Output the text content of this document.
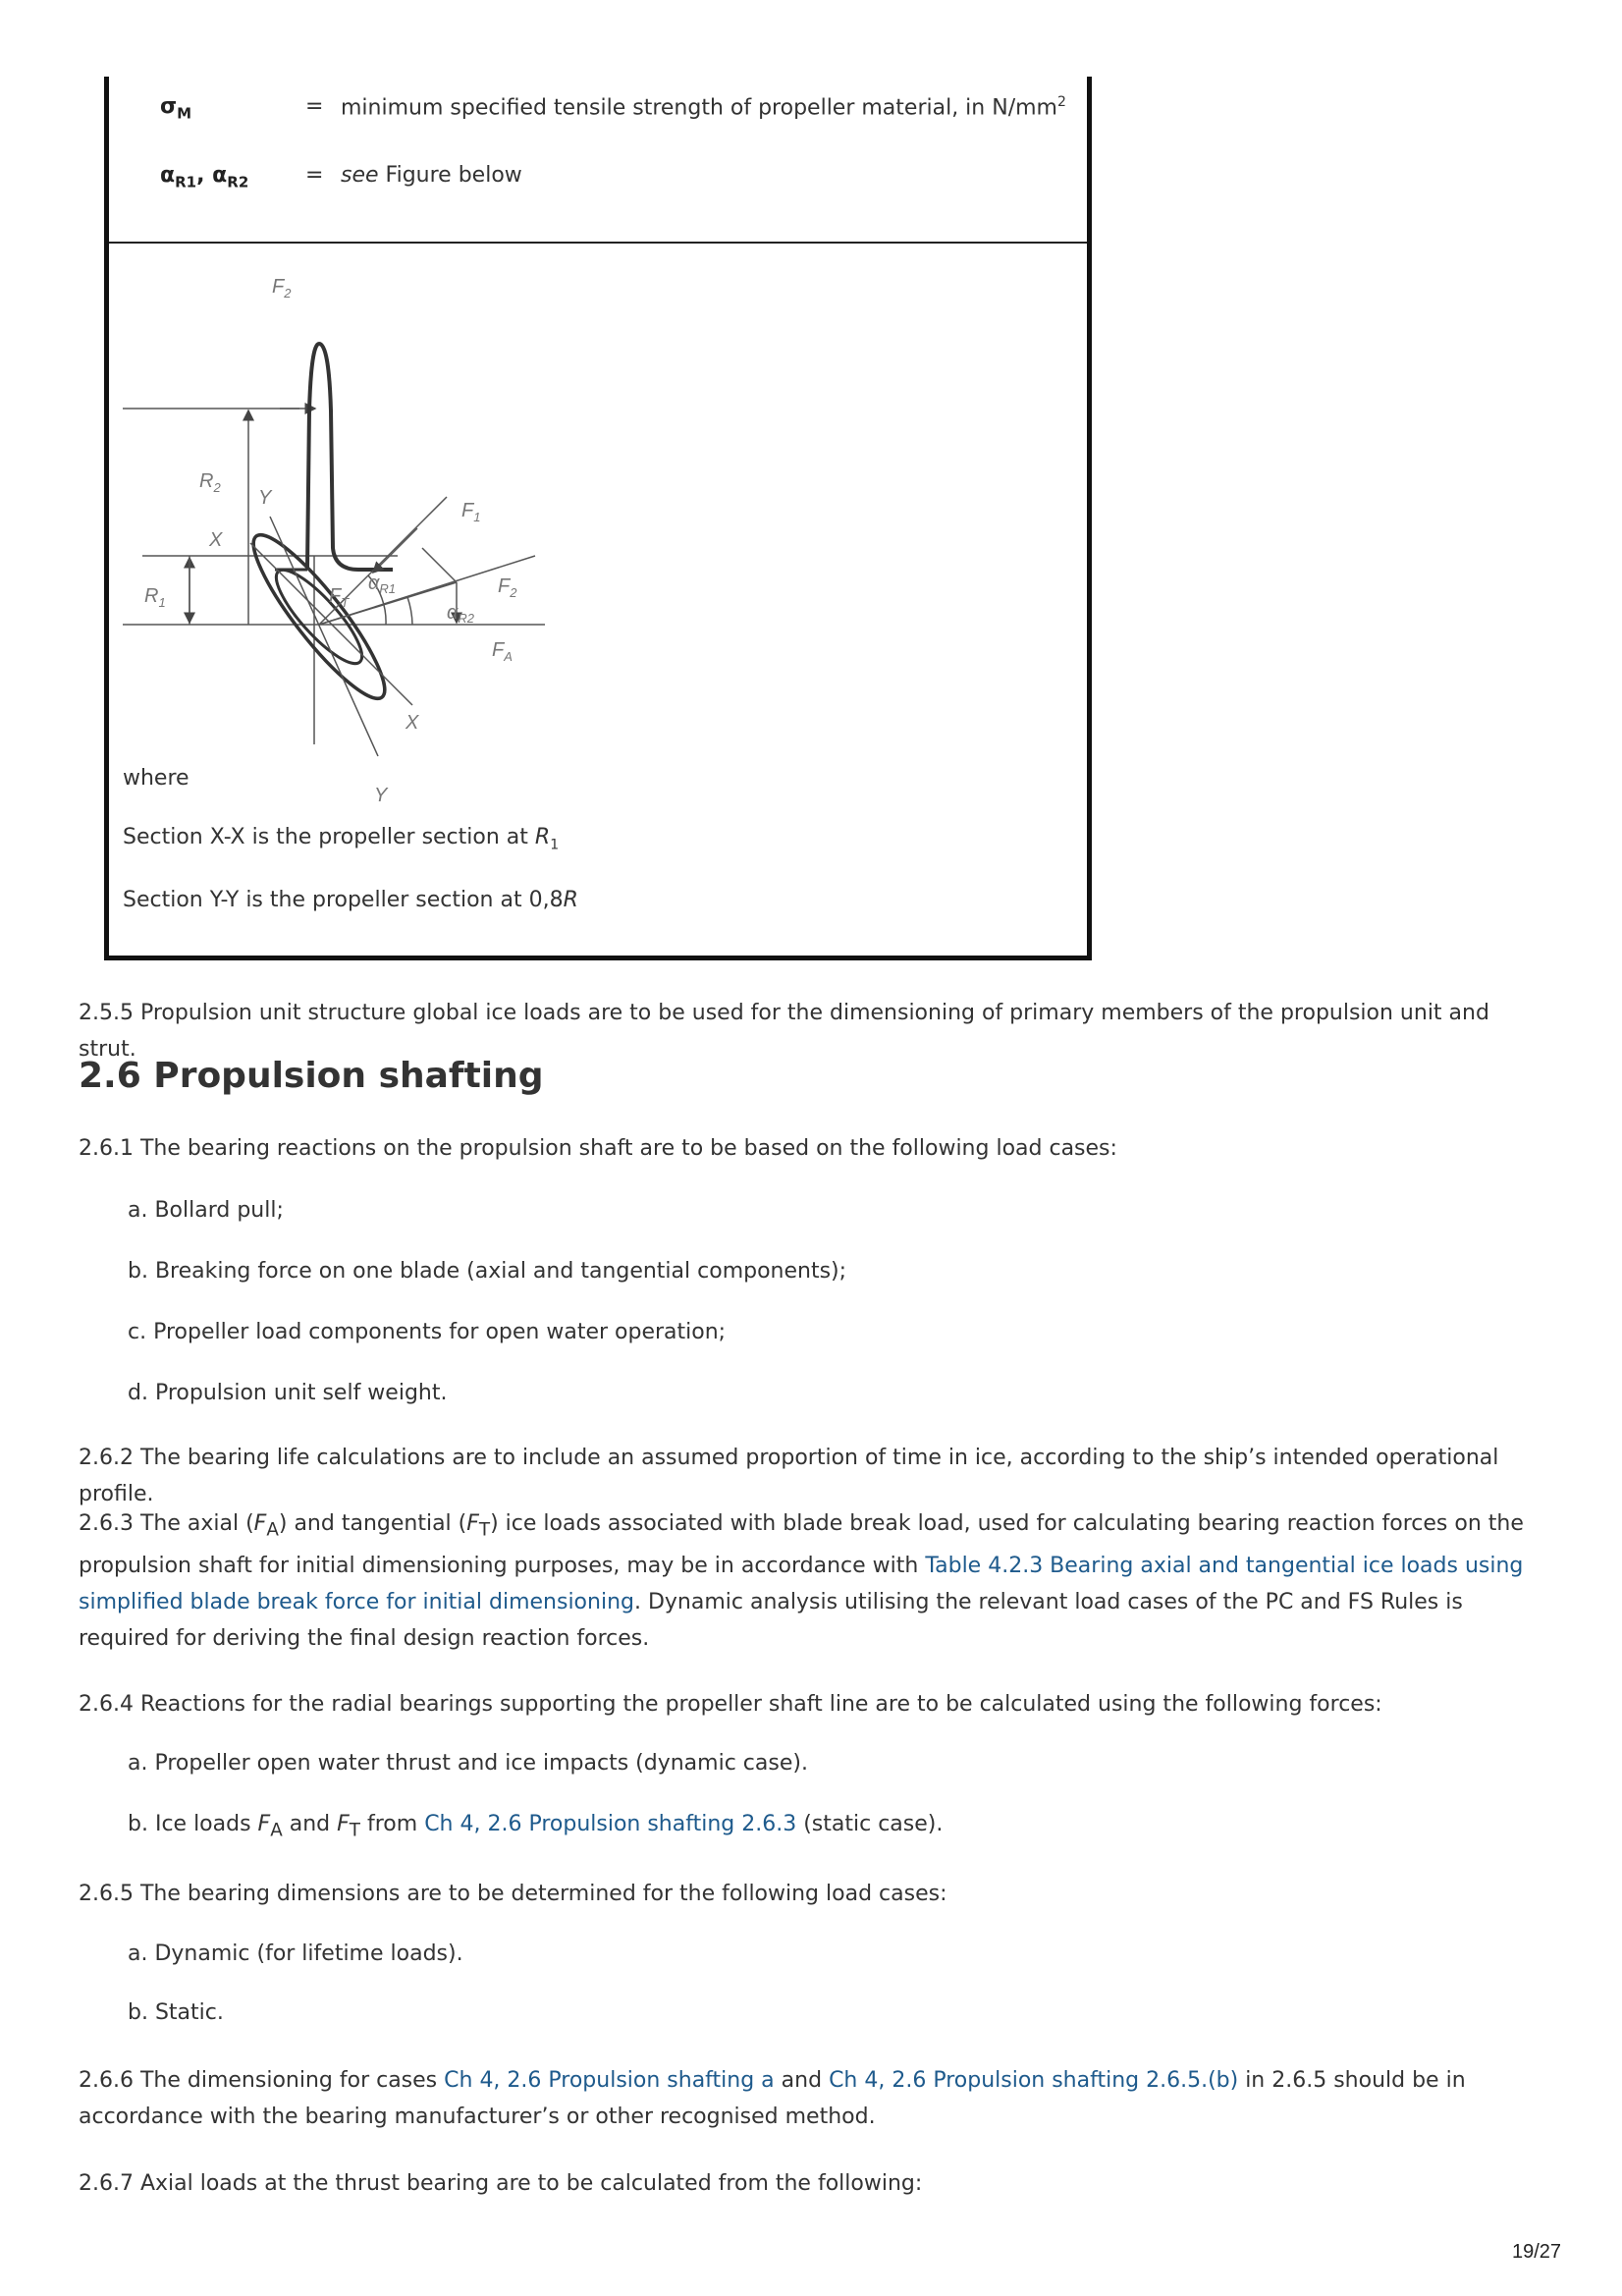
$\sigma_M$	= minimum specified tensile strength of propeller material, in $N/mm^2$
$\alpha_{R1}$, $\alpha_{R2}$	= see Figure below
$F_2$
$R_2$
$R_1$
Y
X
$F_T$
$\alpha_{R1}$
$F_1$
$F_2$
$\alpha_{R2}$
$F_A$
X
Y
where
Section X-X is the propeller section at $R_1$
Section Y-Y is the propeller section at 0,8R

2.5.5 Propulsion unit structure global ice loads are to be used for the dimensioning of primary members of the propulsion unit and strut.

2.6 Propulsion shafting

2.6.1 The bearing reactions on the propulsion shaft are to be based on the following load cases:

a. Bollard pull;
b. Breaking force on one blade (axial and tangential components);
c. Propeller load components for open water operation;
d. Propulsion unit self weight.

2.6.2 The bearing life calculations are to include an assumed proportion of time in ice, according to the ship’s intended operational profile.

2.6.3 The axial $(F_A)$ and tangential $(F_T)$ ice loads associated with blade break load, used for calculating bearing reaction forces on the propulsion shaft for initial dimensioning purposes, may be in accordance with Table 4.2.3 Bearing axial and tangential ice loads using simplified blade break force for initial dimensioning. Dynamic analysis utilising the relevant load cases of the PC and FS Rules is required for deriving the final design reaction forces.

2.6.4 Reactions for the radial bearings supporting the propeller shaft line are to be calculated using the following forces:

a. Propeller open water thrust and ice impacts (dynamic case).
b. Ice loads $F_A$ and $F_T$ from Ch 4, 2.6 Propulsion shafting 2.6.3 (static case).

2.6.5 The bearing dimensions are to be determined for the following load cases:

a. Dynamic (for lifetime loads).
b. Static.

2.6.6 The dimensioning for cases Ch 4, 2.6 Propulsion shafting a and Ch 4, 2.6 Propulsion shafting 2.6.5.(b) in 2.6.5 should be in accordance with the bearing manufacturer’s or other recognised method.

2.6.7 Axial loads at the thrust bearing are to be calculated from the following:

19/27
